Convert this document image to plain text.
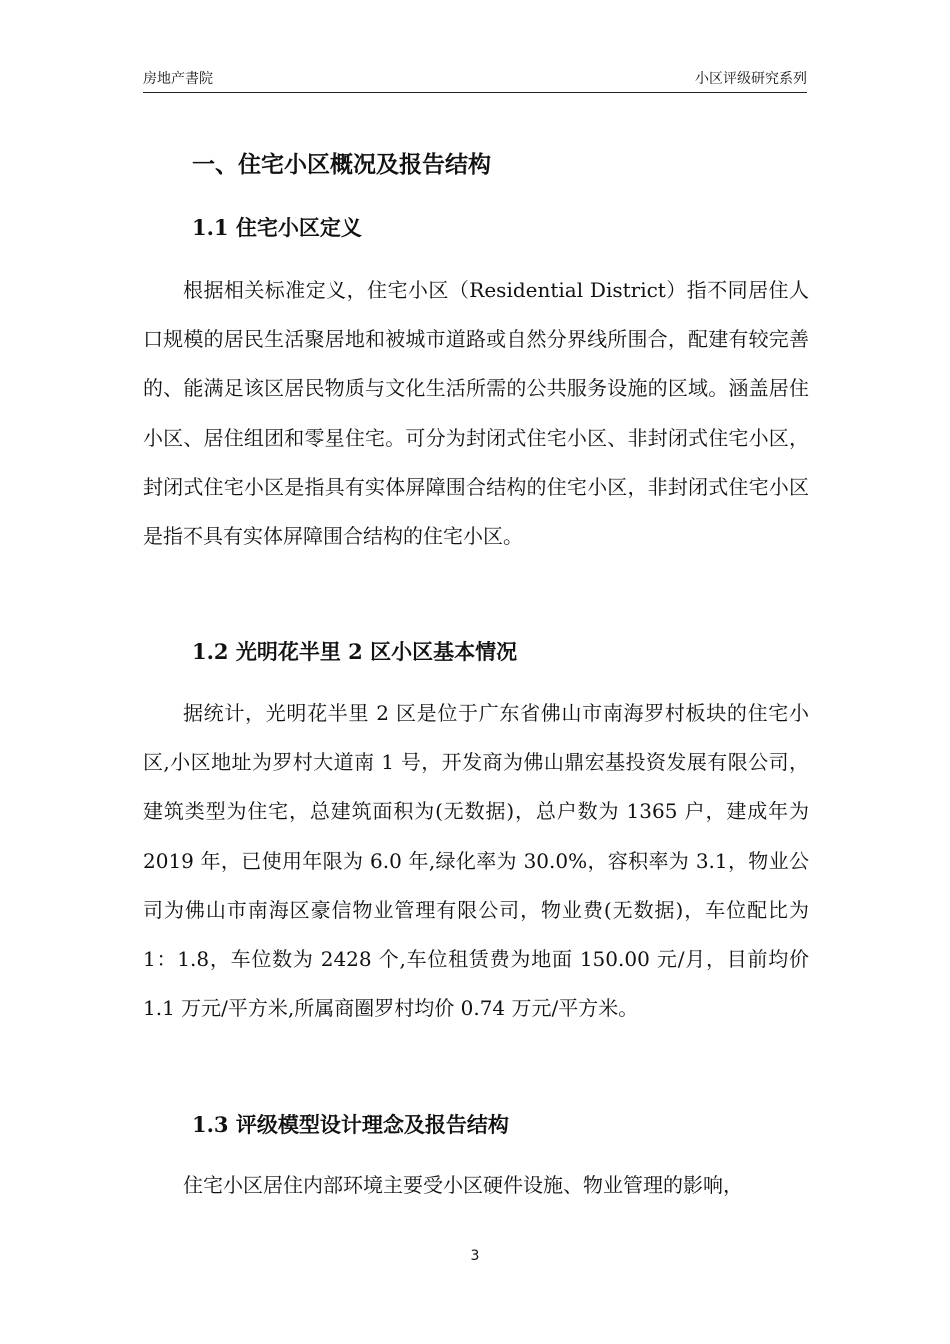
房地产書院	小区评级研究系列
一、住宅小区概况及报告结构
1.1 住宅小区定义

根据相关标准定义，住宅小区（Residential District）指不同居住人口规模的居民生活聚居地和被城市道路或自然分界线所围合，配建有较完善的、能满足该区居民物质与文化生活所需的公共服务设施的区域。涵盖居住小区、居住组团和零星住宅。可分为封闭式住宅小区、非封闭式住宅小区，封闭式住宅小区是指具有实体屏障围合结构的住宅小区，非封闭式住宅小区是指不具有实体屏障围合结构的住宅小区。

1.2 光明花半里 2 区小区基本情况

据统计，光明花半里 2 区是位于广东省佛山市南海罗村板块的住宅小区,小区地址为罗村大道南 1 号，开发商为佛山鼎宏基投资发展有限公司，建筑类型为住宅，总建筑面积为(无数据)，总户数为 1365 户，建成年为 2019 年，已使用年限为 6.0 年,绿化率为 30.0%，容积率为 3.1，物业公司为佛山市南海区豪信物业管理有限公司，物业费(无数据)，车位配比为 1：1.8，车位数为 2428 个,车位租赁费为地面 150.00 元/月，目前均价 1.1 万元/平方米,所属商圈罗村均价 0.74 万元/平方米。

1.3 评级模型设计理念及报告结构

住宅小区居住内部环境主要受小区硬件设施、物业管理的影响，

3
